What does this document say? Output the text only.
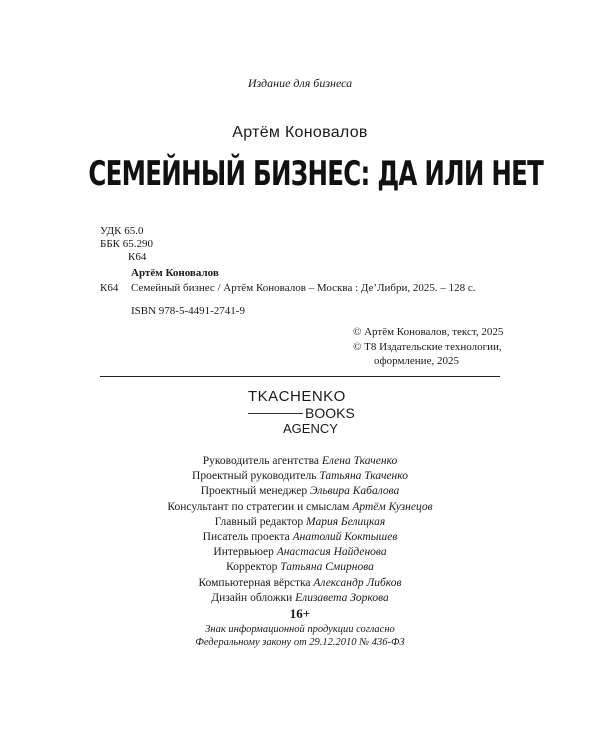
Издание для бизнеса
Артём Коновалов
СЕМЕЙНЫЙ БИЗНЕС: ДА ИЛИ НЕТ
УДК 65.0
ББК 65.290
К64
Артём Коновалов
К64 Семейный бизнес / Артём Коновалов – Москва : Де’Либри, 2025. – 128 с.
ISBN 978-5-4491-2741-9
© Артём Коновалов, текст, 2025
© Т8 Издательские технологии,
оформление, 2025
TKACHENKO
BOOKS
AGENCY
Руководитель агентства Елена Ткаченко
Проектный руководитель Татьяна Ткаченко
Проектный менеджер Эльвира Кабалова
Консультант по стратегии и смыслам Артём Кузнецов
Главный редактор Мария Белицкая
Писатель проекта Анатолий Коктышев
Интервьюер Анастасия Найденова
Корректор Татьяна Смирнова
Компьютерная вёрстка Александр Либков
Дизайн обложки Елизавета Зоркова
16+
Знак информационной продукции согласно
Федеральному закону от 29.12.2010 № 436-ФЗ
